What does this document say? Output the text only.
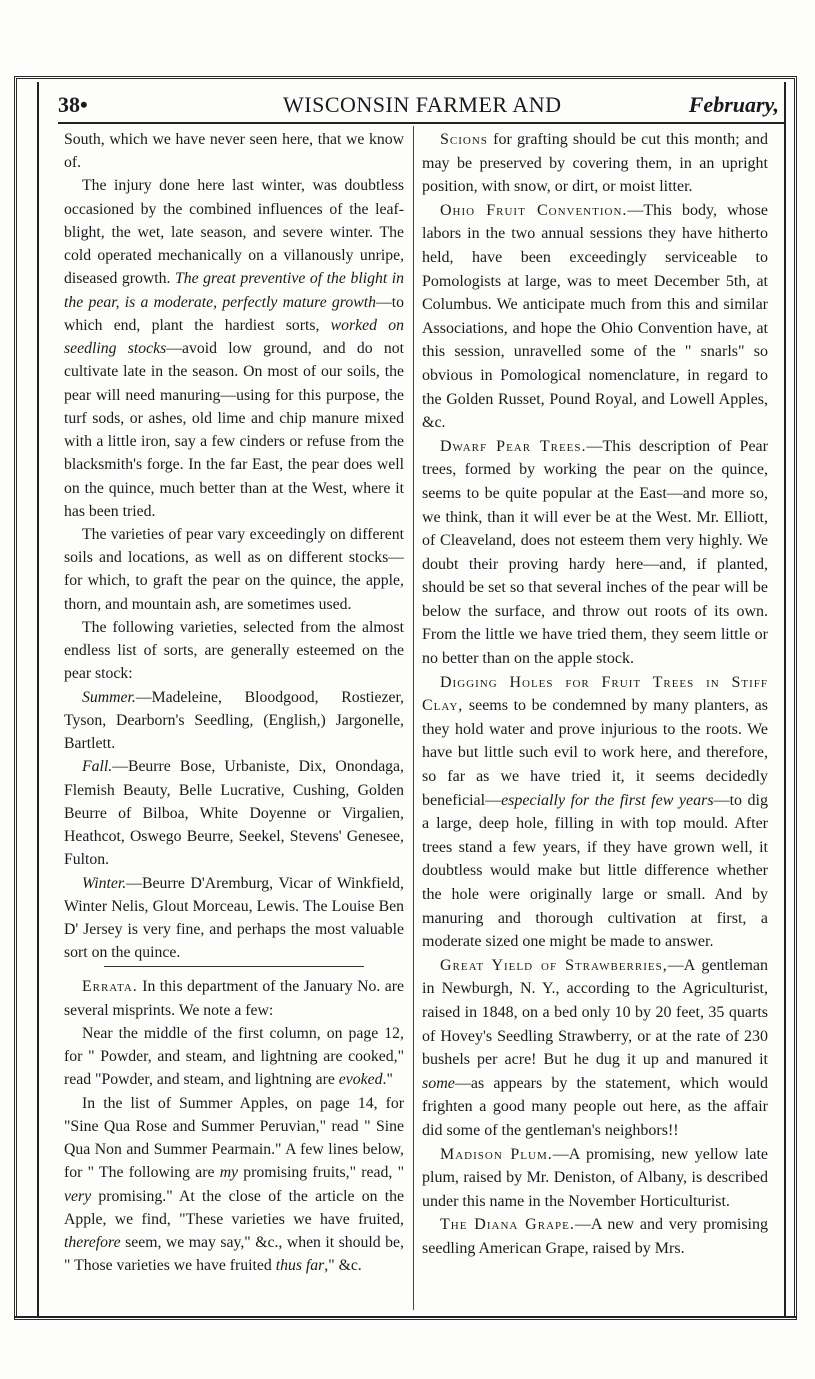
38•	WISCONSIN FARMER AND	February,

South, which we have never seen here, that we know of.

The injury done here last winter, was doubtless occasioned by the combined influences of the leaf-blight, the wet, late season, and severe winter. The cold operated mechanically on a villanously unripe, diseased growth. The great preventive of the blight in the pear, is a moderate, perfectly mature growth—to which end, plant the hardiest sorts, worked on seedling stocks—avoid low ground, and do not cultivate late in the season. On most of our soils, the pear will need manuring—using for this purpose, the turf sods, or ashes, old lime and chip manure mixed with a little iron, say a few cinders or refuse from the blacksmith's forge. In the far East, the pear does well on the quince, much better than at the West, where it has been tried.

The varieties of pear vary exceedingly on different soils and locations, as well as on different stocks—for which, to graft the pear on the quince, the apple, thorn, and mountain ash, are sometimes used.

The following varieties, selected from the almost endless list of sorts, are generally esteemed on the pear stock:

Summer.—Madeleine, Bloodgood, Rostiezer, Tyson, Dearborn's Seedling, (English,) Jargonelle, Bartlett.

Fall.—Beurre Bose, Urbaniste, Dix, Onondaga, Flemish Beauty, Belle Lucrative, Cushing, Golden Beurre of Bilboa, White Doyenne or Virgalien, Heathcot, Oswego Beurre, Seekel, Stevens' Genesee, Fulton.

Winter.—Beurre D'Aremburg, Vicar of Winkfield, Winter Nelis, Glout Morceau, Lewis. The Louise Ben D' Jersey is very fine, and perhaps the most valuable sort on the quince.

Errata. In this department of the January No. are several misprints. We note a few:

Near the middle of the first column, on page 12, for " Powder, and steam, and lightning are cooked," read "Powder, and steam, and lightning are evoked."

In the list of Summer Apples, on page 14, for "Sine Qua Rose and Summer Peruvian," read " Sine Qua Non and Summer Pearmain." A few lines below, for " The following are my promising fruits," read, " very promising." At the close of the article on the Apple, we find, "These varieties we have fruited, therefore seem, we may say," &c., when it should be, " Those varieties we have fruited thus far," &c.

Scions for grafting should be cut this month; and may be preserved by covering them, in an upright position, with snow, or dirt, or moist litter.

Ohio Fruit Convention.—This body, whose labors in the two annual sessions they have hitherto held, have been exceedingly serviceable to Pomologists at large, was to meet December 5th, at Columbus. We anticipate much from this and similar Associations, and hope the Ohio Convention have, at this session, unravelled some of the " snarls" so obvious in Pomological nomenclature, in regard to the Golden Russet, Pound Royal, and Lowell Apples, &c.

Dwarf Pear Trees.—This description of Pear trees, formed by working the pear on the quince, seems to be quite popular at the East—and more so, we think, than it will ever be at the West. Mr. Elliott, of Cleaveland, does not esteem them very highly. We doubt their proving hardy here—and, if planted, should be set so that several inches of the pear will be below the surface, and throw out roots of its own. From the little we have tried them, they seem little or no better than on the apple stock.

Digging Holes for Fruit Trees in Stiff Clay, seems to be condemned by many planters, as they hold water and prove injurious to the roots. We have but little such evil to work here, and therefore, so far as we have tried it, it seems decidedly beneficial—especially for the first few years—to dig a large, deep hole, filling in with top mould. After trees stand a few years, if they have grown well, it doubtless would make but little difference whether the hole were originally large or small. And by manuring and thorough cultivation at first, a moderate sized one might be made to answer.

Great Yield of Strawberries,—A gentleman in Newburgh, N. Y., according to the Agriculturist, raised in 1848, on a bed only 10 by 20 feet, 35 quarts of Hovey's Seedling Strawberry, or at the rate of 230 bushels per acre! But he dug it up and manured it some—as appears by the statement, which would frighten a good many people out here, as the affair did some of the gentleman's neighbors!!

Madison Plum.—A promising, new yellow late plum, raised by Mr. Deniston, of Albany, is described under this name in the November Horticulturist.

The Diana Grape.—A new and very promising seedling American Grape, raised by Mrs.
